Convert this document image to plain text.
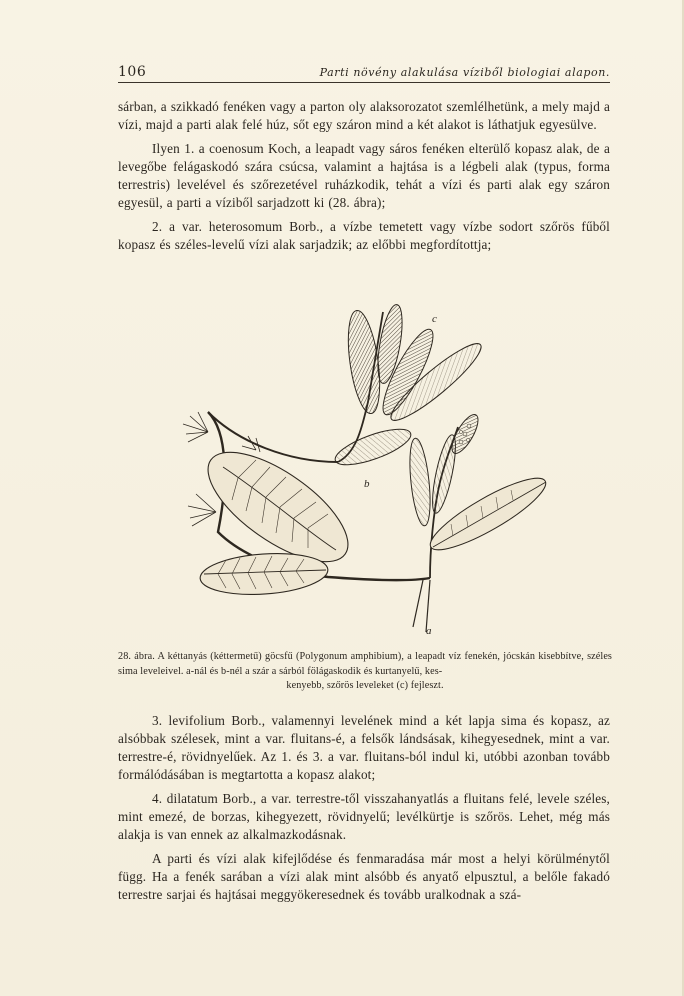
106	Parti növény alakulása víziből biologiai alapon.

sárban, a szikkadó fenéken vagy a parton oly alaksorozatot szemlélhetünk, a mely majd a vízi, majd a parti alak felé húz, sőt egy száron mind a két alakot is láthatjuk egyesülve.

Ilyen 1. a coenosum Koch, a leapadt vagy sáros fenéken elterülő kopasz alak, de a levegőbe felágaskodó szára csúcsa, valamint a hajtása is a légbeli alak (typus, forma terrestris) levelével és szőrezetével ruházkodik, tehát a vízi és parti alak egy száron egyesül, a parti a víziből sarjadzott ki (28. ábra);

2. a var. heterosomum Borb., a vízbe temetett vagy vízbe sodort szőrös fűből kopasz és széles-levelű vízi alak sarjadzik; az előbbi megfordítottja;

c
b
a
28. ábra. A kéttanyás (kéttermetű) göcsfű (Polygonum amphibium), a leapadt víz fenekén, jócskán kisebbítve, széles sima leveleivel. a-nál és b-nél a szár a sárból fölágaskodik és kurtanyelű, kes-
kenyebb, szőrös leveleket (c) fejleszt.

3. levifolium Borb., valamennyi levelének mind a két lapja sima és kopasz, az alsóbbak szélesek, mint a var. fluitans-é, a felsők lándsásak, kihegyesednek, mint a var. terrestre-é, rövidnyelűek. Az 1. és 3. a var. fluitans-ból indul ki, utóbbi azonban tovább formálódásában is megtartotta a kopasz alakot;

4. dilatatum Borb., a var. terrestre-től visszahanyatlás a fluitans felé, levele széles, mint emezé, de borzas, kihegyezett, rövidnyelű; levélkürtje is szőrös. Lehet, még más alakja is van ennek az alkalmazkodásnak.

A parti és vízi alak kifejlődése és fenmaradása már most a helyi körülménytől függ. Ha a fenék sarában a vízi alak mint alsóbb és anyatő elpusztul, a belőle fakadó terrestre sarjai és hajtásai meggyökeresednek és tovább uralkodnak a szá-
